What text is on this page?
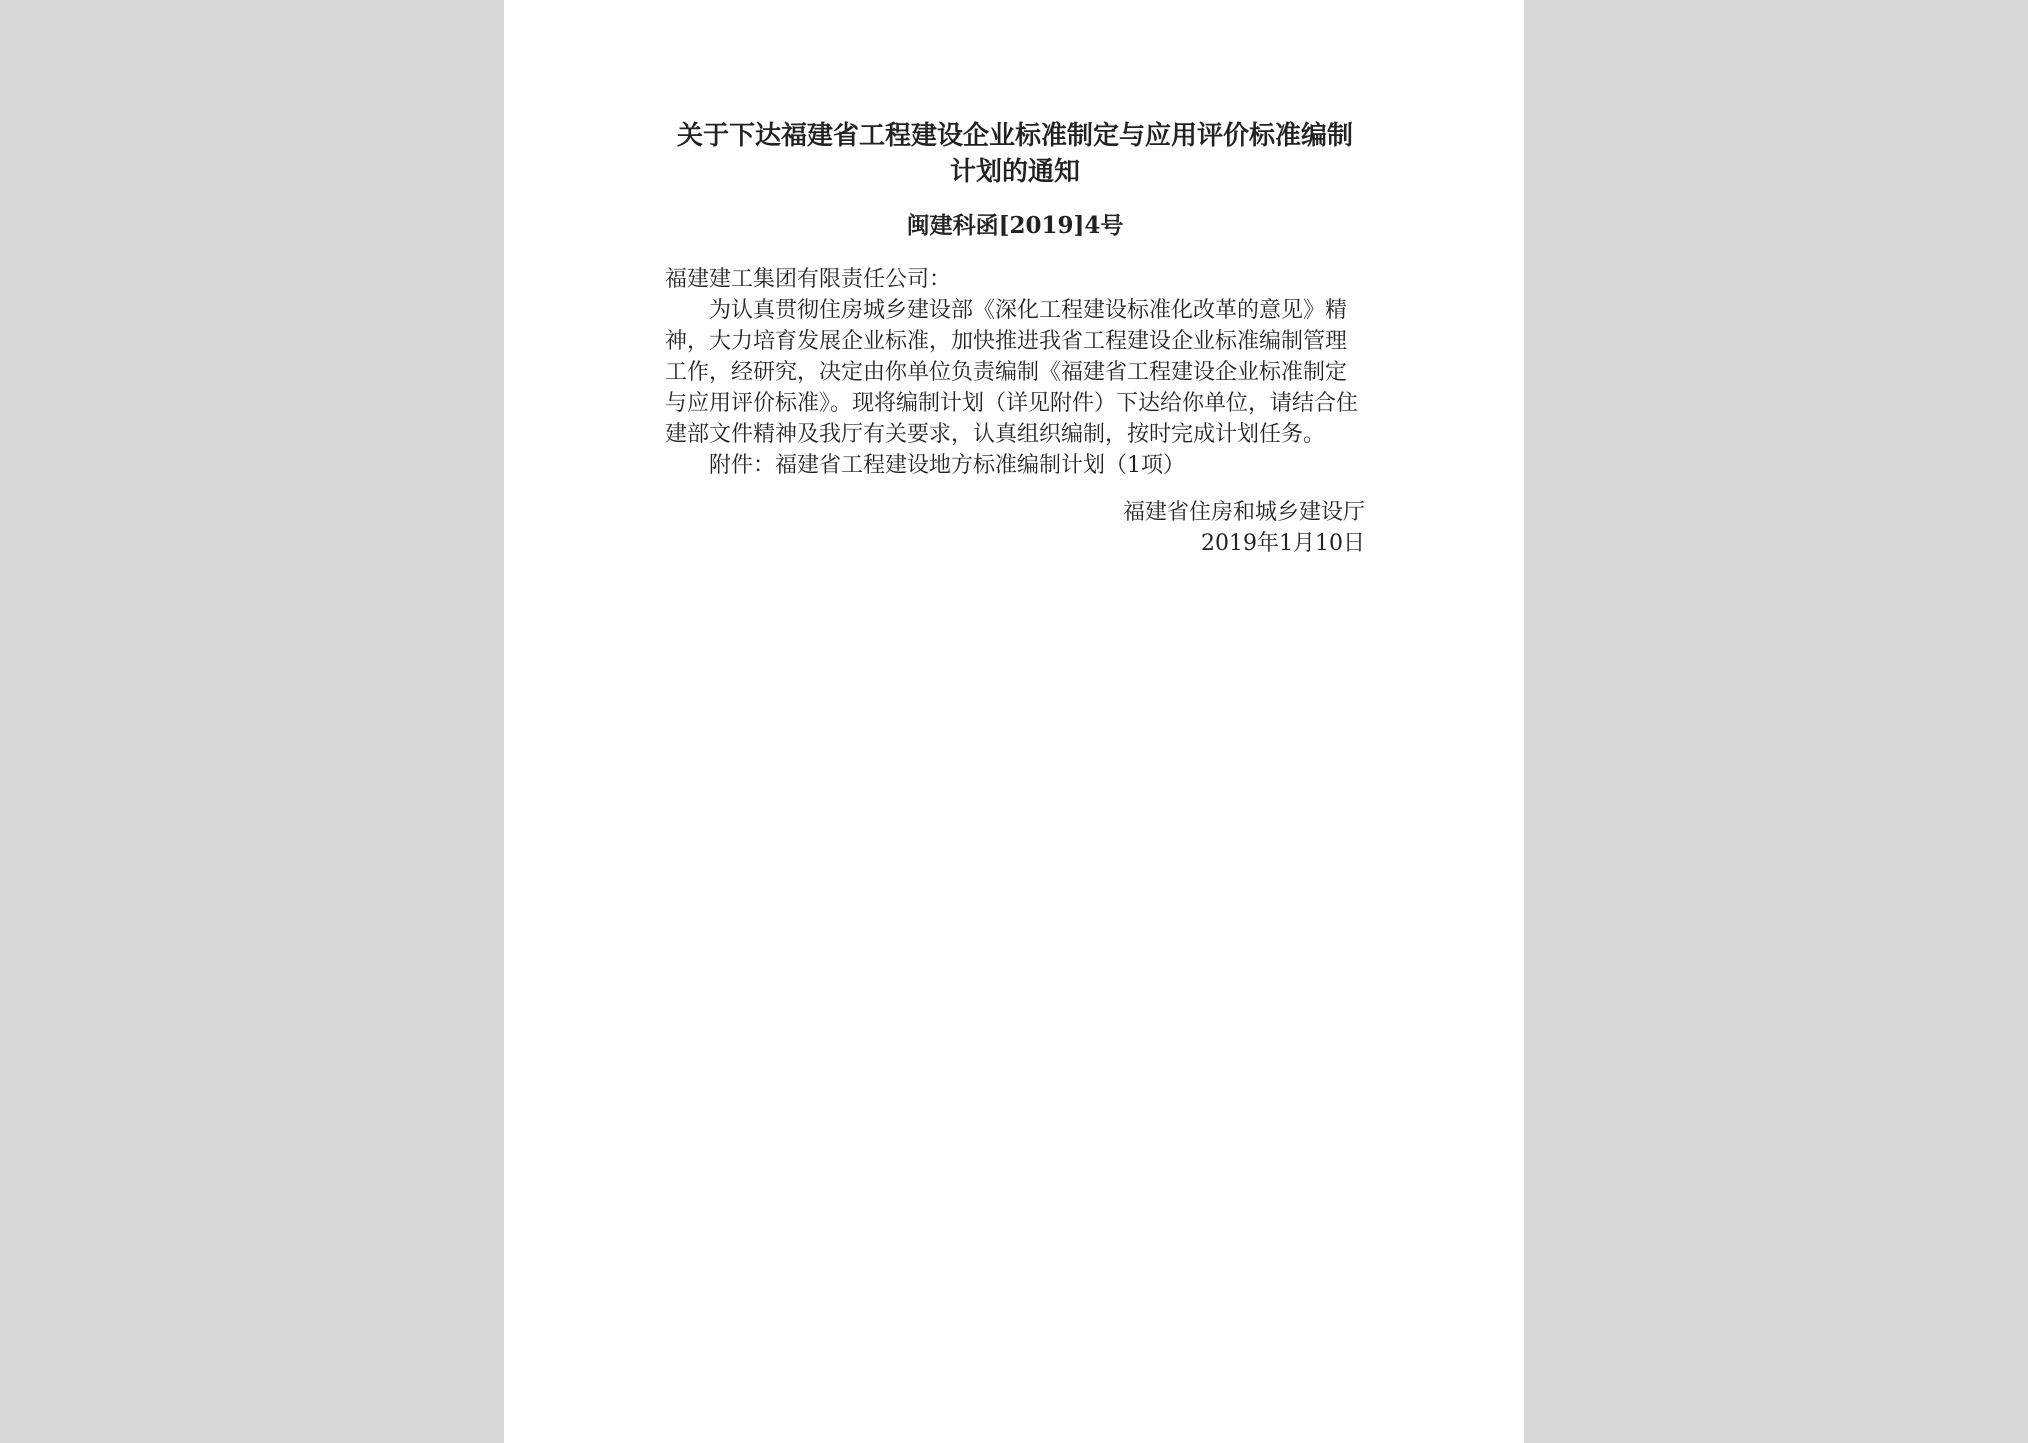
关于下达福建省工程建设企业标准制定与应用评价标准编制计划的通知
闽建科函[2019]4号

福建建工集团有限责任公司：

为认真贯彻住房城乡建设部《深化工程建设标准化改革的意见》精神，大力培育发展企业标准，加快推进我省工程建设企业标准编制管理工作，经研究，决定由你单位负责编制《福建省工程建设企业标准制定与应用评价标准》。现将编制计划（详见附件）下达给你单位，请结合住建部文件精神及我厅有关要求，认真组织编制，按时完成计划任务。

附件：福建省工程建设地方标准编制计划（1项）

福建省住房和城乡建设厅
2019年1月10日
